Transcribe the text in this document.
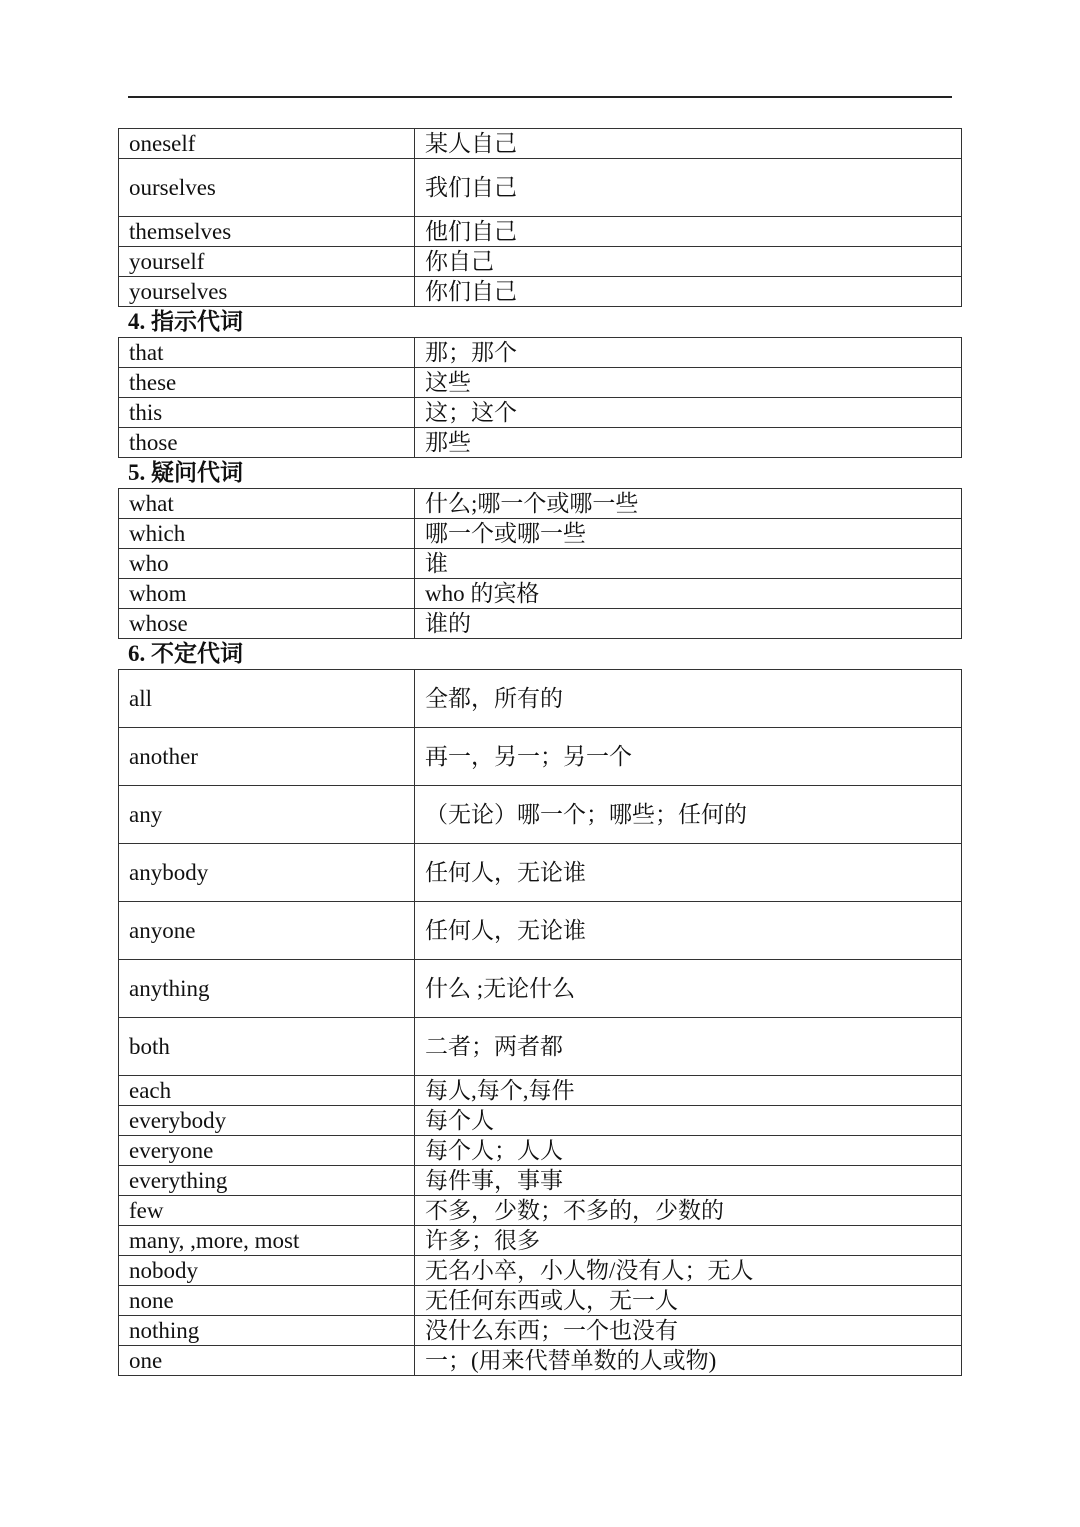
oneself	某人自己
ourselves	我们自己
themselves	他们自己
yourself	你自己
yourselves	你们自己
4. 指示代词
that	那；那个
these	这些
this	这；这个
those	那些
5. 疑问代词
what	什么;哪一个或哪一些
which	哪一个或哪一些
who	谁
whom	who 的宾格
whose	谁的
6. 不定代词
all	全都，所有的
another	再一，另一；另一个
any	（无论）哪一个；哪些；任何的
anybody	任何人，无论谁
anyone	任何人，无论谁
anything	什么 ;无论什么
both	二者；两者都
each	每人,每个,每件
everybody	每个人
everyone	每个人；人人
everything	每件事，事事
few	不多，少数；不多的，少数的
many, ,more, most	许多；很多
nobody	无名小卒，小人物/没有人；无人
none	无任何东西或人，无一人
nothing	没什么东西；一个也没有
one	一；(用来代替单数的人或物)
